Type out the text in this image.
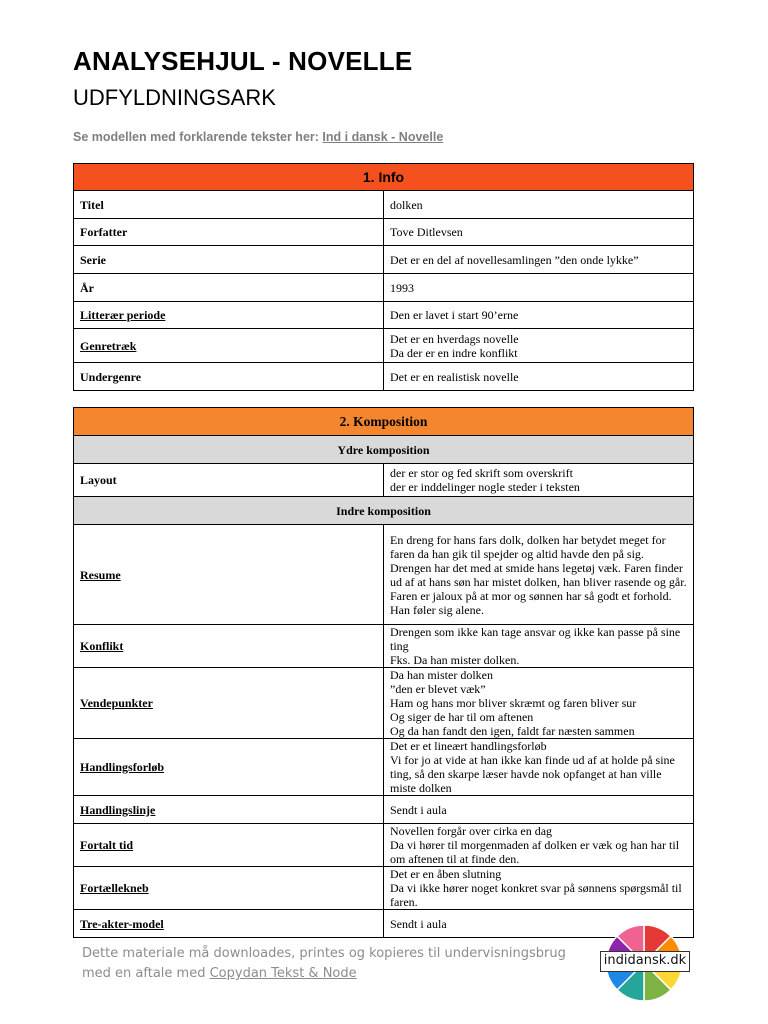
ANALYSEHJUL - NOVELLE
UDFYLDNINGSARK

Se modellen med forklarende tekster her: Ind i dansk - Novelle

1. Info	
Titel	dolken

Forfatter	Tove Ditlevsen

Serie	Det er en del af novellesamlingen ”den onde lykke”

År	1993

Litterær periode	Den er lavet i start 90’erne

Genretræk	Det er en hverdags novelle
Da der er en indre konflikt

Undergenre	Det er en realistisk novelle
2. Komposition	
Ydre komposition	
Layout	der er stor og fed skrift som overskrift
der er inddelinger nogle steder i teksten

Indre komposition	
Resume	En dreng for hans fars dolk, dolken har betydet meget for faren da han gik til spejder og altid havde den på sig. Drengen har det med at smide hans legetøj væk. Faren finder ud af at hans søn har mistet dolken, han bliver rasende og går.
Faren er jaloux på at mor og sønnen har så godt et forhold.
Han føler sig alene.

Konflikt	Drengen som ikke kan tage ansvar og ikke kan passe på sine ting
Fks. Da han mister dolken.

Vendepunkter	Da han mister dolken
”den er blevet væk”
Ham og hans mor bliver skræmt og faren bliver sur
Og siger de har til om aftenen
Og da han fandt den igen, faldt far næsten sammen

Handlingsforløb	Det er et lineært handlingsforløb
Vi for jo at vide at han ikke kan finde ud af at holde på sine ting, så den skarpe læser havde nok opfanget at han ville miste dolken

Handlingslinje	Sendt i aula

Fortalt tid	Novellen forgår over cirka en dag
Da vi hører til morgenmaden af dolken er væk og han har til om aftenen til at finde den.

Fortællekneb	Det er en åben slutning
Da vi ikke hører noget konkret svar på sønnens spørgsmål til faren.

Tre-akter-model	Sendt i aula

Dette materiale må downloades, printes og kopieres til undervisningsbrug
med en aftale med Copydan Tekst & Node

indidansk.dk
